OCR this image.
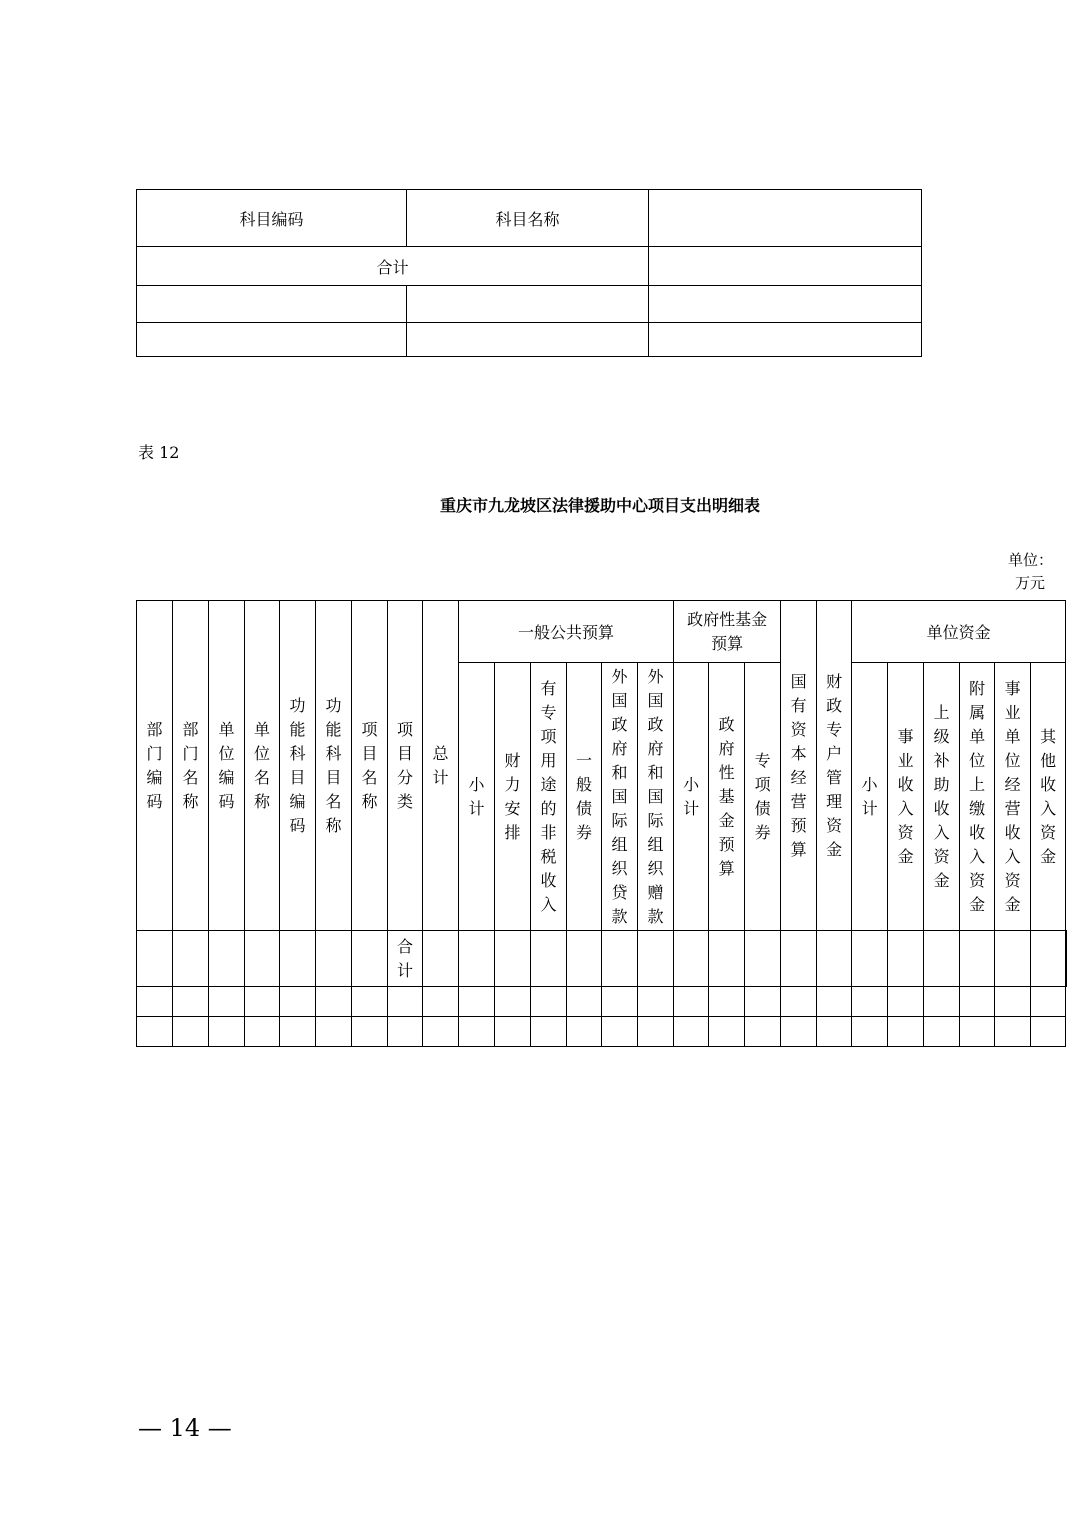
科目编码	科目名称	
合计		

表 12
重庆市九龙坡区法律援助中心项目支出明细表
单位：
万元
部门编码	部门名称	单位编码	单位名称	功能科目编码	功能科目名称	项目名称	项目分类	总计	一般公共预算						政府性基金预算			国有资本经营预算	财政专户管理资金	单位资金						
									小计	财力安排	有专项用途的非税收入	一般债券	外国政府和国际组织贷款	外国政府和国际组织赠款	小计	政府性基金预算	专项债券			小计	事业收入资金	上级补助收入资金	附属单位上缴收入资金	事业单位经营收入资金	其他收入资金	
							合计																			

— 14 —
